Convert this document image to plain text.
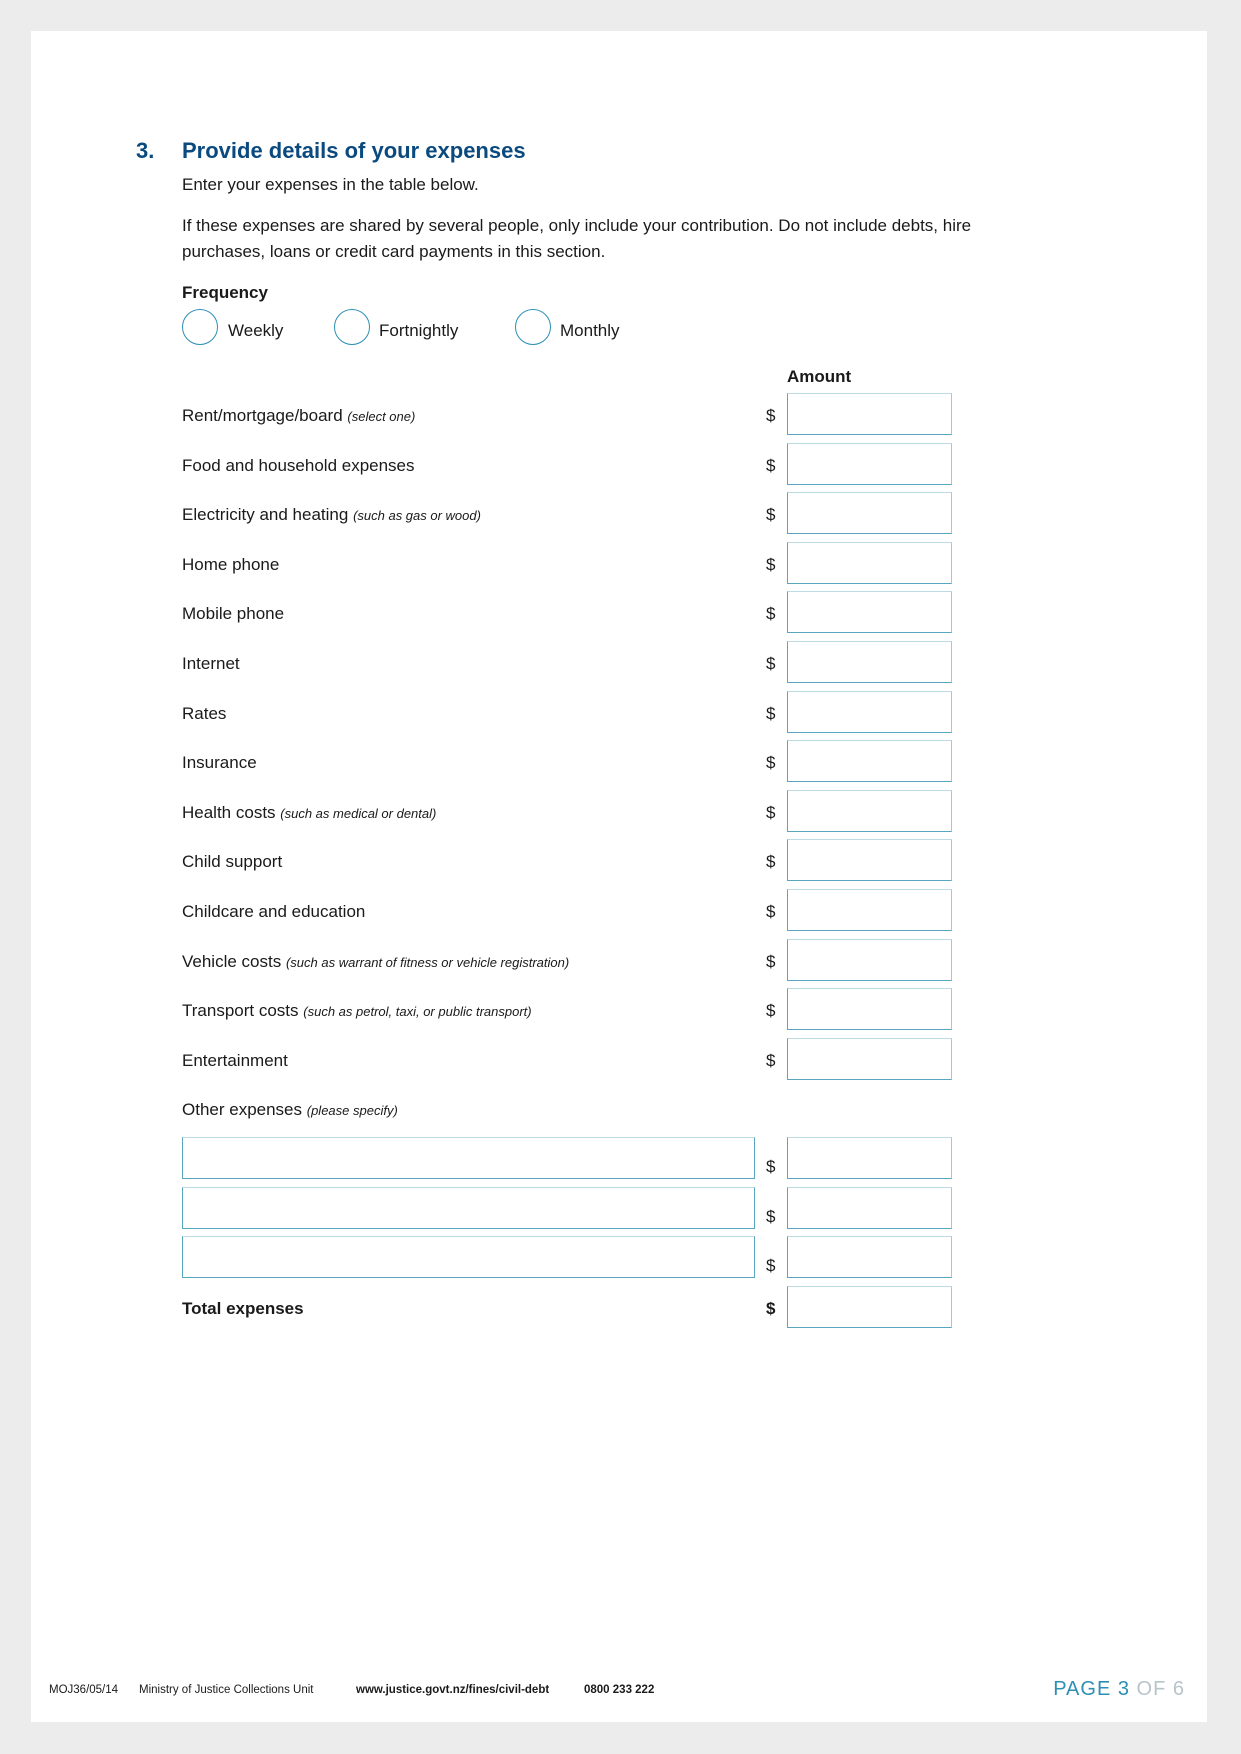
3. Provide details of your expenses
Enter your expenses in the table below.
If these expenses are shared by several people, only include your contribution. Do not include debts, hire
purchases, loans or credit card payments in this section.
Frequency
Weekly	Fortnightly	Monthly
Amount
Rent/mortgage/board (select one)	$
Food and household expenses	$
Electricity and heating (such as gas or wood)	$
Home phone	$
Mobile phone	$
Internet	$
Rates	$
Insurance	$
Health costs (such as medical or dental)	$
Child support	$
Childcare and education	$
Vehicle costs (such as warrant of fitness or vehicle registration)	$
Transport costs (such as petrol, taxi, or public transport)	$
Entertainment	$
Other expenses (please specify)
$
$
$
Total expenses	$
MOJ36/05/14 Ministry of Justice Collections Unit	www.justice.govt.nz/fines/civil-debt	0800 233 222	PAGE 3 OF 6
